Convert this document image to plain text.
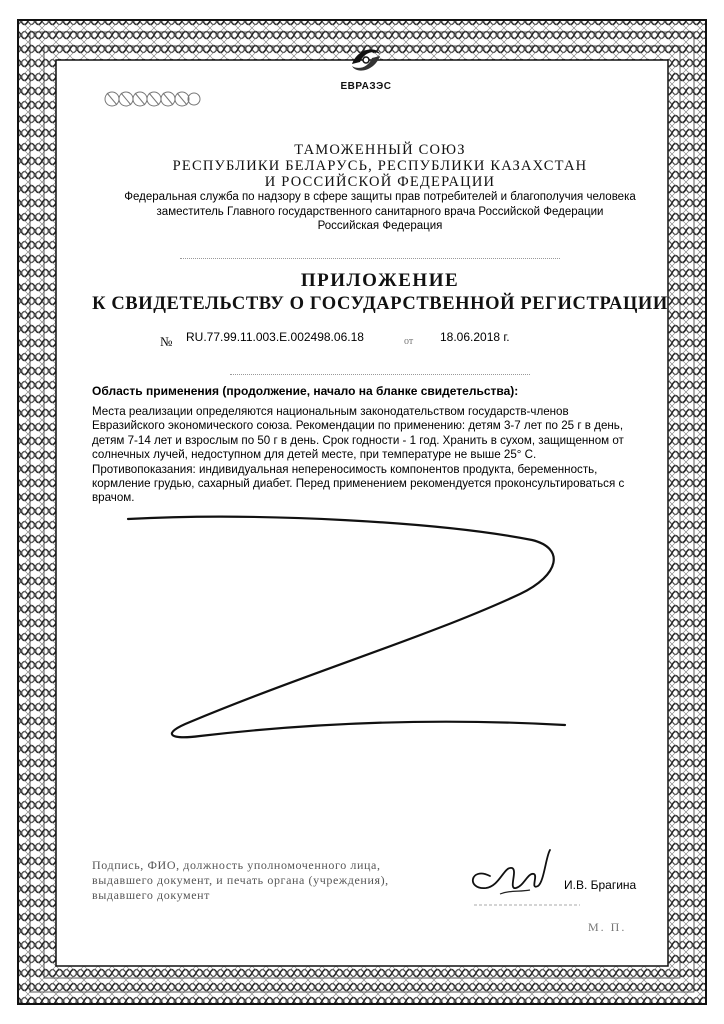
ЕВРАЗЭС
ТАМОЖЕННЫЙ СОЮЗ
РЕСПУБЛИКИ БЕЛАРУСЬ, РЕСПУБЛИКИ КАЗАХСТАН
И РОССИЙСКОЙ ФЕДЕРАЦИИ
Федеральная служба по надзору в сфере защиты прав потребителей и благополучия человека
заместитель Главного государственного санитарного врача Российской Федерации
Российская Федерация
ПРИЛОЖЕНИЕ
К СВИДЕТЕЛЬСТВУ О ГОСУДАРСТВЕННОЙ РЕГИСТРАЦИИ
№ RU.77.99.11.003.E.002498.06.18	от 18.06.2018 г.
Область применения (продолжение, начало на бланке свидетельства):
Места реализации определяются национальным законодательством государств-членов Евразийского экономического союза. Рекомендации по применению: детям 3-7 лет по 25 г в день, детям 7-14 лет и взрослым по 50 г в день. Срок годности - 1 год. Хранить в сухом, защищенном от солнечных лучей, недоступном для детей месте, при температуре не выше 25° С. Противопоказания: индивидуальная непереносимость компонентов продукта, беременность, кормление грудью, сахарный диабет. Перед применением рекомендуется проконсультироваться с врачом.
Подпись, ФИО, должность уполномоченного лица, выдавшего документ, и печать органа (учреждения), выдавшего документ
И.В. Брагина
М. П.
